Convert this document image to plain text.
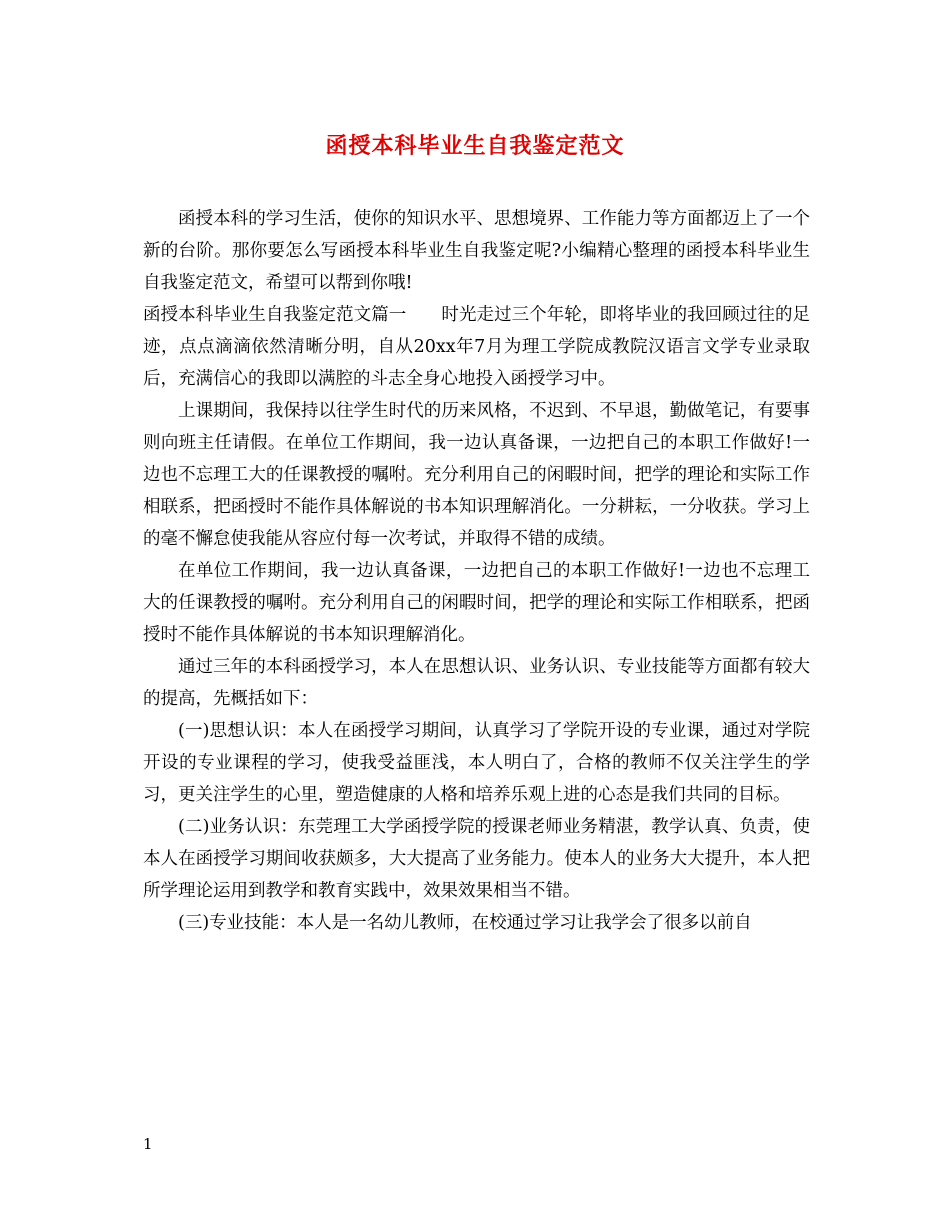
函授本科毕业生自我鉴定范文

函授本科的学习生活，使你的知识水平、思想境界、工作能力等方面都迈上了一个新的台阶。那你要怎么写函授本科毕业生自我鉴定呢?小编精心整理的函授本科毕业生自我鉴定范文，希望可以帮到你哦!

函授本科毕业生自我鉴定范文篇一　　时光走过三个年轮，即将毕业的我回顾过往的足迹，点点滴滴依然清晰分明，自从20xx年7月为理工学院成教院汉语言文学专业录取后，充满信心的我即以满腔的斗志全身心地投入函授学习中。

上课期间，我保持以往学生时代的历来风格，不迟到、不早退，勤做笔记，有要事则向班主任请假。在单位工作期间，我一边认真备课，一边把自己的本职工作做好!一边也不忘理工大的任课教授的嘱咐。充分利用自己的闲暇时间，把学的理论和实际工作相联系，把函授时不能作具体解说的书本知识理解消化。一分耕耘，一分收获。学习上的毫不懈怠使我能从容应付每一次考试，并取得不错的成绩。

在单位工作期间，我一边认真备课，一边把自己的本职工作做好!一边也不忘理工大的任课教授的嘱咐。充分利用自己的闲暇时间，把学的理论和实际工作相联系，把函授时不能作具体解说的书本知识理解消化。

通过三年的本科函授学习，本人在思想认识、业务认识、专业技能等方面都有较大的提高，先概括如下：

(一)思想认识：本人在函授学习期间，认真学习了学院开设的专业课，通过对学院开设的专业课程的学习，使我受益匪浅，本人明白了，合格的教师不仅关注学生的学习，更关注学生的心里，塑造健康的人格和培养乐观上进的心态是我们共同的目标。

(二)业务认识：东莞理工大学函授学院的授课老师业务精湛，教学认真、负责，使本人在函授学习期间收获颇多，大大提高了业务能力。使本人的业务大大提升，本人把所学理论运用到教学和教育实践中，效果效果相当不错。

(三)专业技能：本人是一名幼儿教师，在校通过学习让我学会了很多以前自

1
